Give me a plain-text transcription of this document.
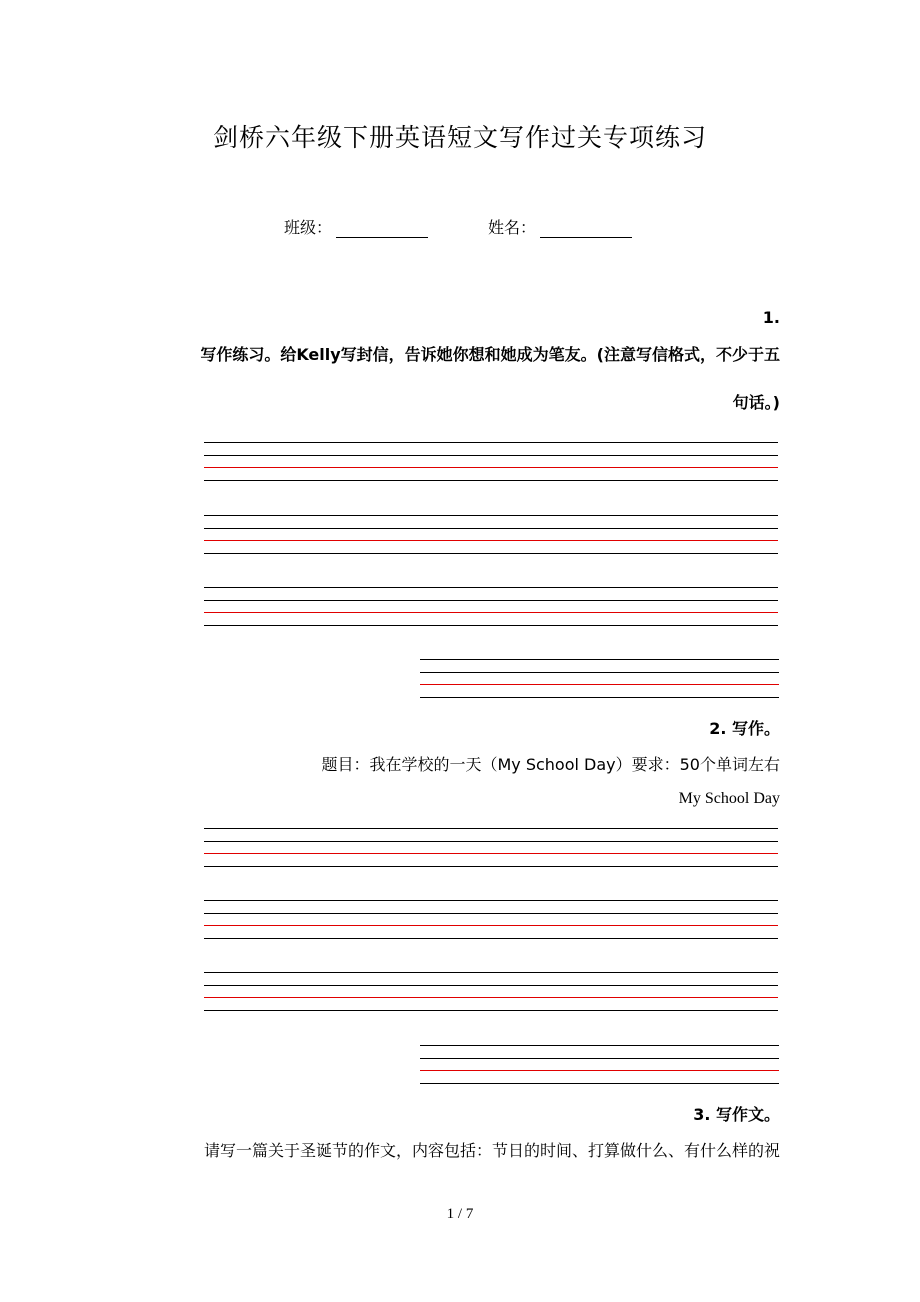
剑桥六年级下册英语短文写作过关专项练习
班级：	姓名：
1.
写作练习。给Kelly写封信，告诉她你想和她成为笔友。(注意写信格式，不少于五
句话。)
2. 写作。
题目：我在学校的一天（My School Day）要求：50个单词左右
My School Day
3. 写作文。
请写一篇关于圣诞节的作文，内容包括：节日的时间、打算做什么、有什么样的祝
1 / 7
